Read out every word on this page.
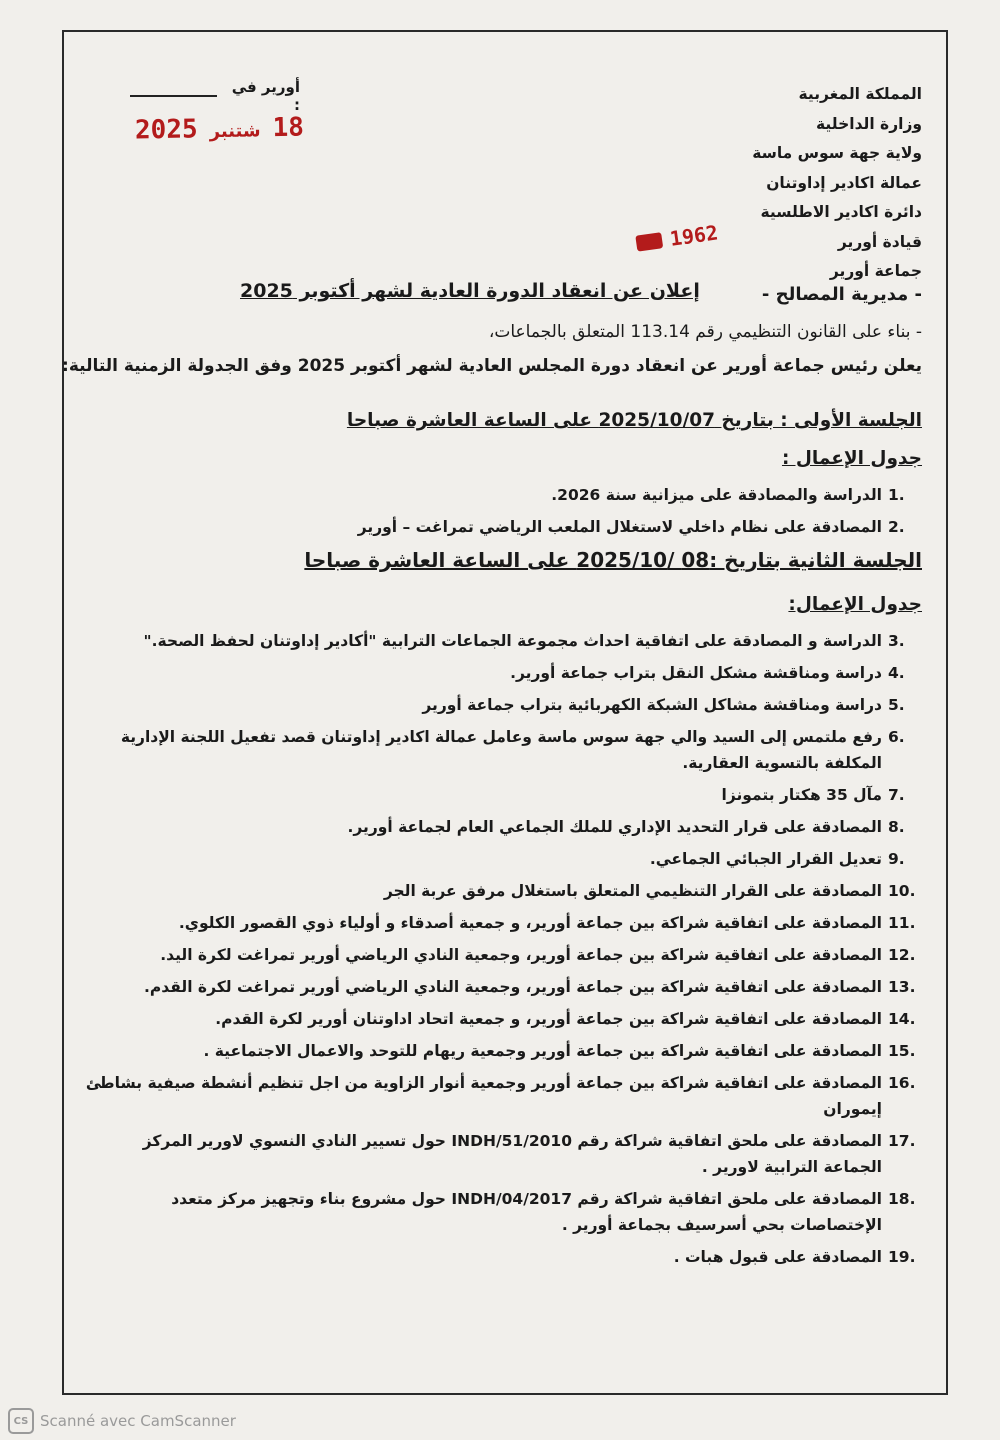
أورير في :
2025 شتنبر 18
1962
المملكة المغربية
وزارة الداخلية
ولاية جهة سوس ماسة
عمالة اكادير إداوتنان
دائرة اكادير الاطلسية
قيادة أورير
جماعة أورير
- مديرية المصالح -
إعلان عن انعقاد الدورة العادية لشهر أكتوبر 2025
- بناء على القانون التنظيمي رقم 113.14 المتعلق بالجماعات،
يعلن رئيس جماعة أورير عن انعقاد دورة المجلس العادية لشهر أكتوبر 2025 وفق الجدولة الزمنية التالية:
الجلسة الأولى : بتاريخ 2025/10/07 على الساعة العاشرة صباحا
جدول الإعمال :
1 .
الدراسة والمصادقة على ميزانية سنة 2026.
2 .
المصادقة على نظام داخلي لاستغلال الملعب الرياضي تمراغت – أورير
الجلسة الثانية بتاريخ :08 /2025/10 على الساعة العاشرة صباحا
جدول الإعمال:
3 .
الدراسة و المصادقة على اتفاقية احداث مجموعة الجماعات الترابية "أكادير إداوتنان لحفظ الصحة."
4 .
دراسة ومناقشة مشكل النقل بتراب جماعة أورير.
5 .
دراسة ومناقشة مشاكل الشبكة الكهربائية بتراب جماعة أورير
6 .
رفع ملتمس إلى السيد والي جهة سوس ماسة وعامل عمالة اكادير إداوتنان قصد تفعيل اللجنة الإدارية المكلفة بالتسوية العقارية.
7 .
مآل 35 هكتار بتمونزا
8 .
المصادقة على قرار التحديد الإداري للملك الجماعي العام لجماعة أورير.
9 .
تعديل القرار الجبائي الجماعي.
10 .
المصادقة على القرار التنظيمي المتعلق باستغلال مرفق عربة الجر
11 .
المصادقة على اتفاقية شراكة بين جماعة أورير، و جمعية أصدقاء و أولياء ذوي القصور الكلوي.
12 .
المصادقة على اتفاقية شراكة بين جماعة أورير، وجمعية النادي الرياضي أورير تمراغت لكرة اليد.
13 .
المصادقة على اتفاقية شراكة بين جماعة أورير، وجمعية النادي الرياضي أورير تمراغت لكرة القدم.
14 .
المصادقة على اتفاقية شراكة بين جماعة أورير، و جمعية اتحاد اداوتنان أورير لكرة القدم.
15 .
المصادقة على اتفاقية شراكة بين جماعة أورير وجمعية ريهام للتوحد والاعمال الاجتماعية .
16 .
المصادقة على اتفاقية شراكة بين جماعة أورير وجمعية أنوار الزاوية من اجل تنظيم أنشطة صيفية بشاطئ إيموران
17 .
المصادقة على ملحق اتفاقية شراكة رقم 2010/INDH/51 حول تسيير النادي النسوي لاورير المركز الجماعة الترابية لاورير .
18 .
المصادقة على ملحق اتفاقية شراكة رقم 2017/INDH/04 حول مشروع بناء وتجهيز مركز متعدد الإختصاصات بحي أسرسيف بجماعة أورير .
19 .
المصادقة على قبول هبات .
CS Scanné avec CamScanner
